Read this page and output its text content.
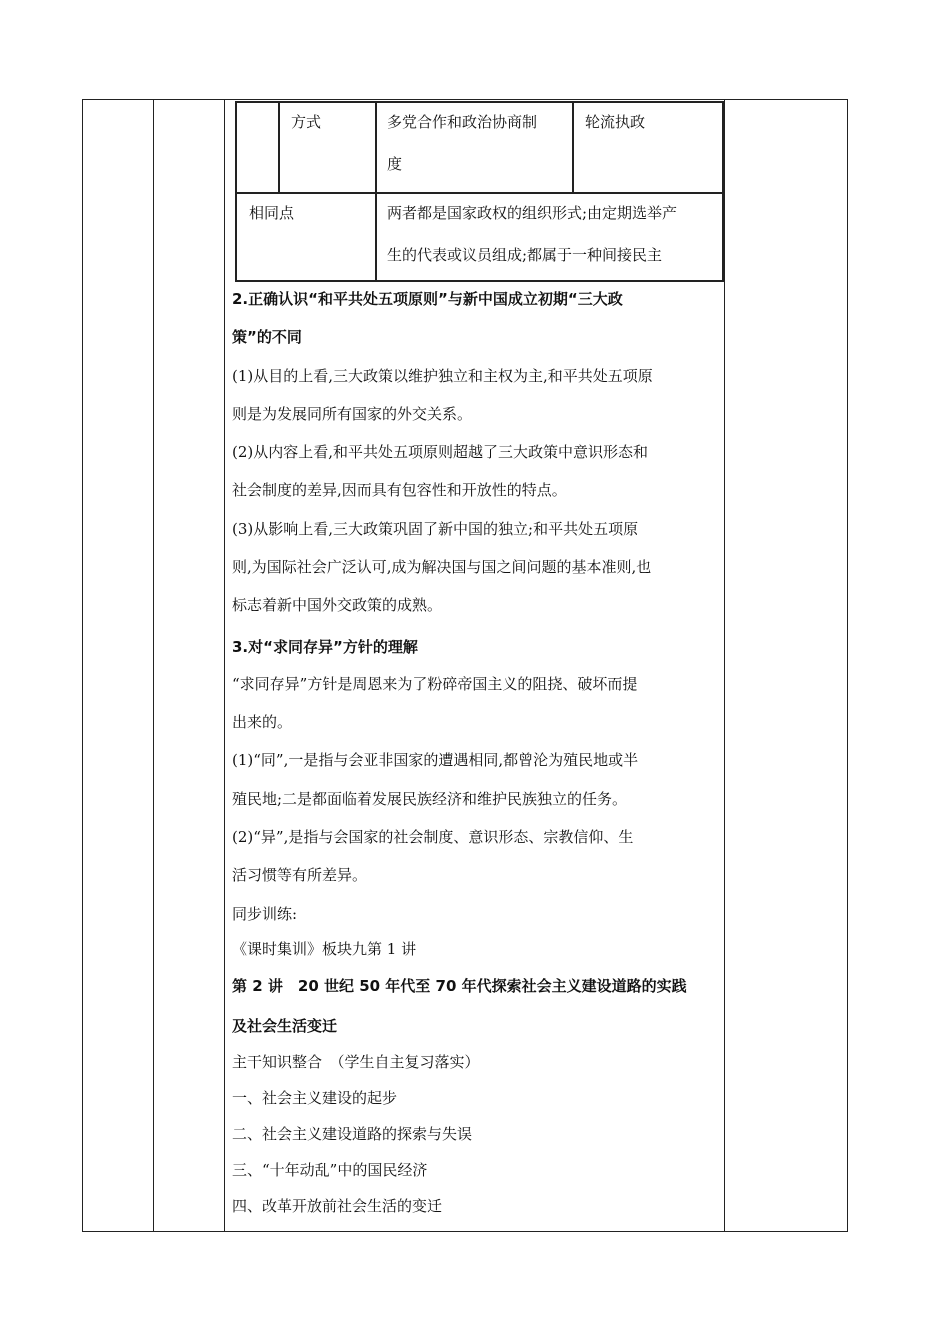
方式	多党合作和政治协商制
度
轮流执政
相同点	两者都是国家政权的组织形式;由定期选举产
生的代表或议员组成;都属于一种间接民主
2.正确认识“和平共处五项原则”与新中国成立初期“三大政
策”的不同
(1)从目的上看,三大政策以维护独立和主权为主,和平共处五项原
则是为发展同所有国家的外交关系。
(2)从内容上看,和平共处五项原则超越了三大政策中意识形态和
社会制度的差异,因而具有包容性和开放性的特点。
(3)从影响上看,三大政策巩固了新中国的独立;和平共处五项原
则,为国际社会广泛认可,成为解决国与国之间问题的基本准则,也
标志着新中国外交政策的成熟。
3.对“求同存异”方针的理解
“求同存异”方针是周恩来为了粉碎帝国主义的阻挠、破坏而提
出来的。
(1)“同”,一是指与会亚非国家的遭遇相同,都曾沦为殖民地或半
殖民地;二是都面临着发展民族经济和维护民族独立的任务。
(2)“异”,是指与会国家的社会制度、意识形态、宗教信仰、生
活习惯等有所差异。
同步训练:
《课时集训》板块九第 1 讲
第 2 讲　20 世纪 50 年代至 70 年代探索社会主义建设道路的实践
及社会生活变迁
主干知识整合　（学生自主复习落实）
一、社会主义建设的起步
二、社会主义建设道路的探索与失误
三、“十年动乱”中的国民经济
四、改革开放前社会生活的变迁
